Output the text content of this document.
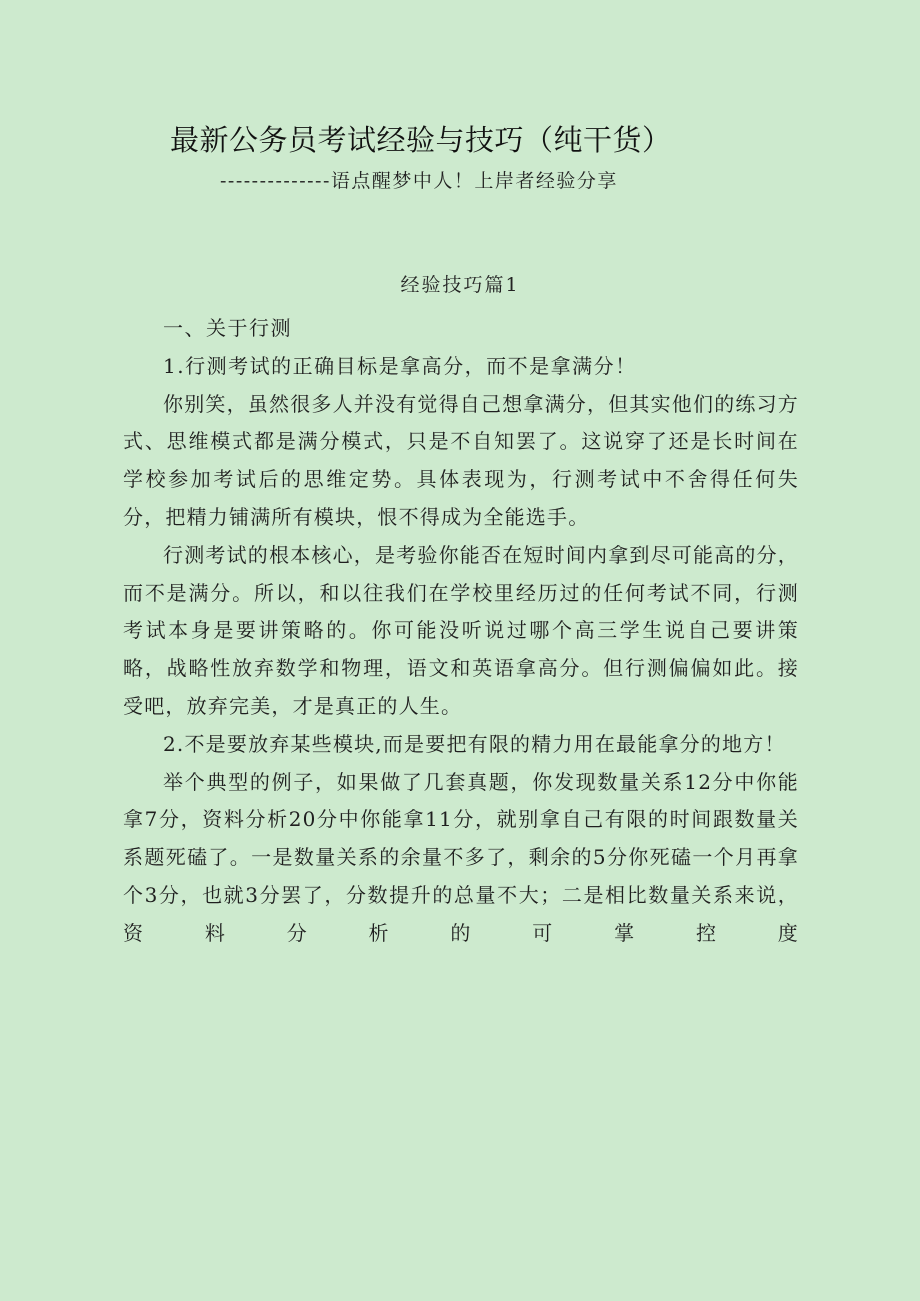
最新公务员考试经验与技巧（纯干货）
--------------语点醒梦中人！上岸者经验分享
经验技巧篇1

一、关于行测

1.行测考试的正确目标是拿高分，而不是拿满分！

你别笑，虽然很多人并没有觉得自己想拿满分，但其实他们的练习方式、思维模式都是满分模式，只是不自知罢了。这说穿了还是长时间在学校参加考试后的思维定势。具体表现为，行测考试中不舍得任何失分，把精力铺满所有模块，恨不得成为全能选手。

行测考试的根本核心，是考验你能否在短时间内拿到尽可能高的分，而不是满分。所以，和以往我们在学校里经历过的任何考试不同，行测考试本身是要讲策略的。你可能没听说过哪个高三学生说自己要讲策略，战略性放弃数学和物理，语文和英语拿高分。但行测偏偏如此。接受吧，放弃完美，才是真正的人生。

2.不是要放弃某些模块,而是要把有限的精力用在最能拿分的地方！

举个典型的例子，如果做了几套真题，你发现数量关系12分中你能拿7分，资料分析20分中你能拿11分，就别拿自己有限的时间跟数量关系题死磕了。一是数量关系的余量不多了，剩余的5分你死磕一个月再拿个3分，也就3分罢了，分数提升的总量不大；二是相比数量关系来说，资料分析的可掌控度
